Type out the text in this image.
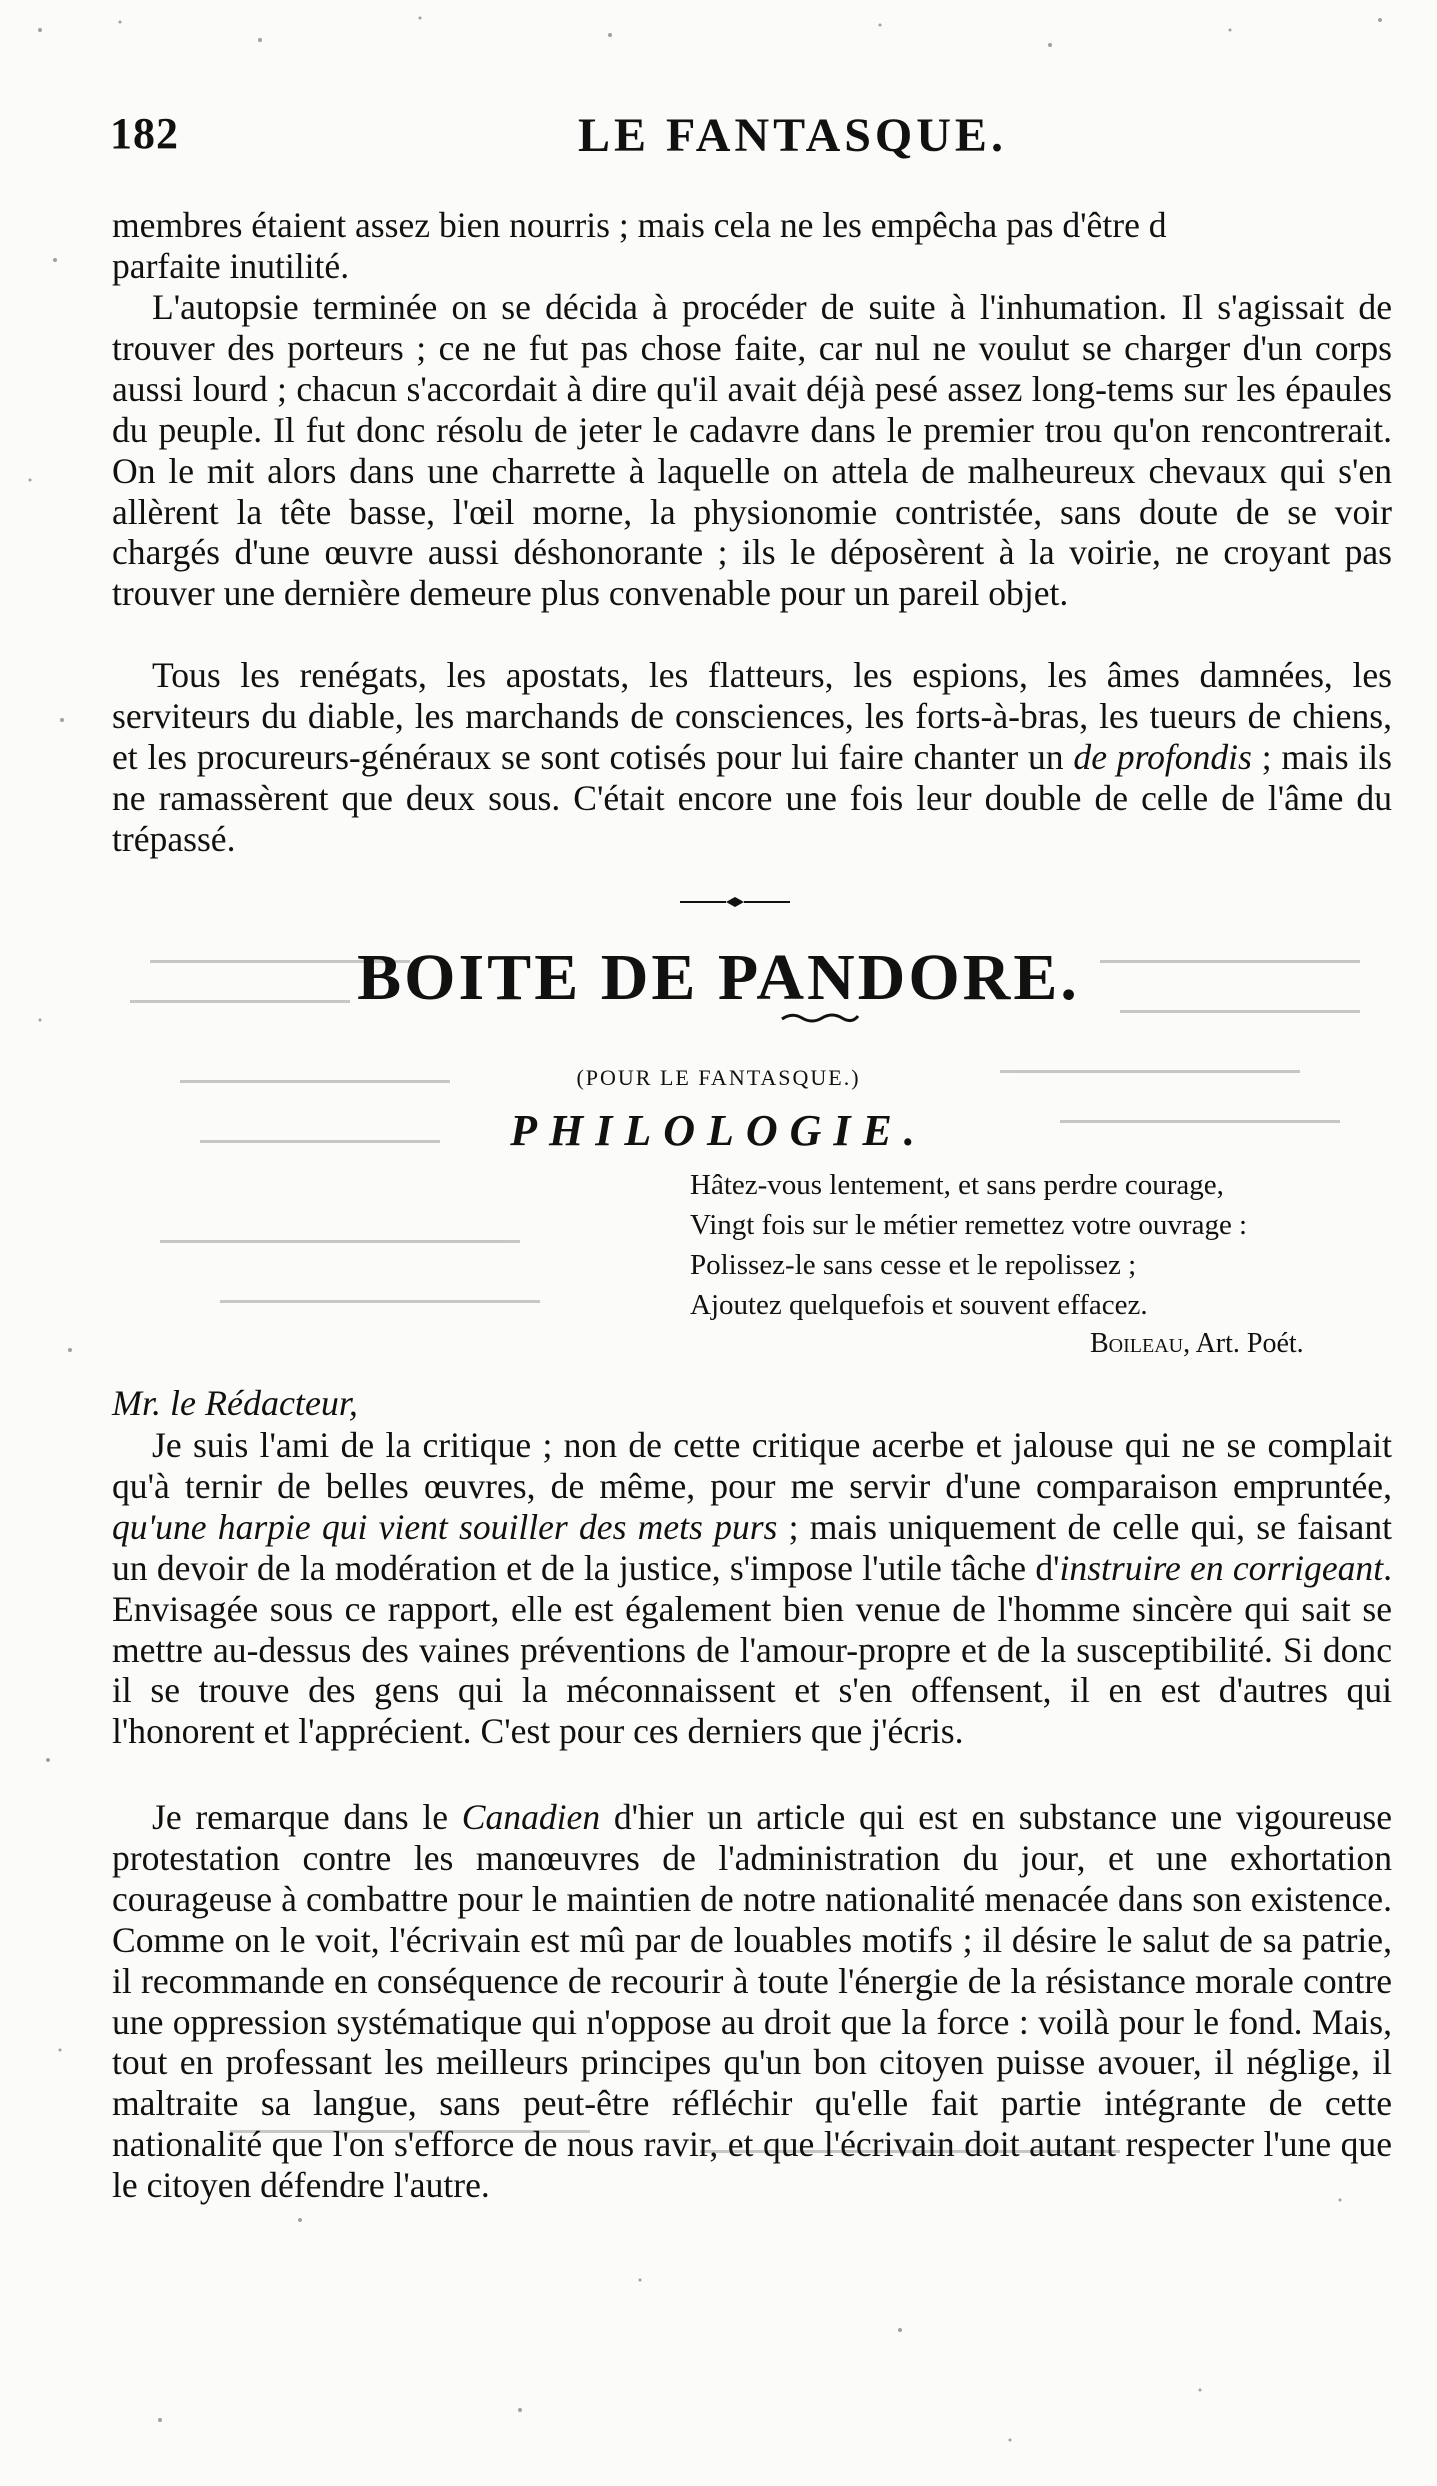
182	LE FANTASQUE.

membres étaient assez bien nourris ; mais cela ne les empêcha pas d'être d
parfaite inutilité.

L'autopsie terminée on se décida à procéder de suite à l'inhumation. Il s'agissait de trouver des porteurs ; ce ne fut pas chose faite, car nul ne voulut se charger d'un corps aussi lourd ; chacun s'accordait à dire qu'il avait déjà pesé assez long-tems sur les épaules du peuple. Il fut donc résolu de jeter le cadavre dans le premier trou qu'on rencontrerait. On le mit alors dans une charrette à laquelle on attela de malheureux chevaux qui s'en allèrent la tête basse, l'œil morne, la physionomie contristée, sans doute de se voir chargés d'une œuvre aussi déshonorante ; ils le déposèrent à la voirie, ne croyant pas trouver une dernière demeure plus convenable pour un pareil objet.

Tous les renégats, les apostats, les flatteurs, les espions, les âmes damnées, les serviteurs du diable, les marchands de consciences, les forts-à-bras, les tueurs de chiens, et les procureurs-généraux se sont cotisés pour lui faire chanter un de profondis ; mais ils ne ramassèrent que deux sous. C'était encore une fois leur double de celle de l'âme du trépassé.

BOITE DE PANDORE.
(POUR LE FANTASQUE.)
PHILOLOGIE.
Hâtez-vous lentement, et sans perdre courage,
Vingt fois sur le métier remettez votre ouvrage :
Polissez-le sans cesse et le repolissez ;
Ajoutez quelquefois et souvent effacez.
Boileau, Art. Poét.
Mr. le Rédacteur,

Je suis l'ami de la critique ; non de cette critique acerbe et jalouse qui ne se complait qu'à ternir de belles œuvres, de même, pour me servir d'une comparaison empruntée, qu'une harpie qui vient souiller des mets purs ; mais uniquement de celle qui, se faisant un devoir de la modération et de la justice, s'impose l'utile tâche d'instruire en corrigeant. Envisagée sous ce rapport, elle est également bien venue de l'homme sincère qui sait se mettre au-dessus des vaines préventions de l'amour-propre et de la susceptibilité. Si donc il se trouve des gens qui la méconnaissent et s'en offensent, il en est d'autres qui l'honorent et l'apprécient. C'est pour ces derniers que j'écris.

Je remarque dans le Canadien d'hier un article qui est en substance une vigoureuse protestation contre les manœuvres de l'administration du jour, et une exhortation courageuse à combattre pour le maintien de notre nationalité menacée dans son existence. Comme on le voit, l'écrivain est mû par de louables motifs ; il désire le salut de sa patrie, il recommande en conséquence de recourir à toute l'énergie de la résistance morale contre une oppression systématique qui n'oppose au droit que la force : voilà pour le fond. Mais, tout en professant les meilleurs principes qu'un bon citoyen puisse avouer, il néglige, il maltraite sa langue, sans peut-être réfléchir qu'elle fait partie intégrante de cette nationalité que l'on s'efforce de nous ravir, et que l'écrivain doit autant respecter l'une que le citoyen défendre l'autre.
